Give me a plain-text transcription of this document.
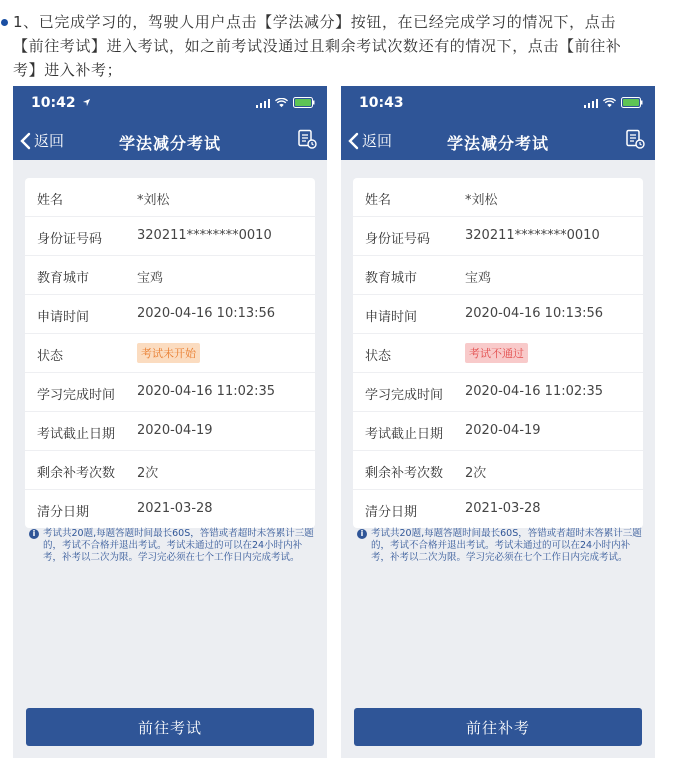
1、已完成学习的，驾驶人用户点击【学法减分】按钮，在已经完成学习的情况下，点击

【前往考试】进入考试，如之前考试没通过且剩余考试次数还有的情况下，点击【前往补

考】进入补考；

10:42
返回	学法减分考试
姓名	*刘松
身份证号码	320211********0010
教育城市	宝鸡
申请时间	2020-04-16 10:13:56
状态	考试未开始
学习完成时间 2020-04-16 11:02:35
考试截止日期 2020-04-19
剩余补考次数 2次
清分日期	2021-03-28
i 考试共20题,每题答题时间最长60S，答错或者超时未答累计三题的，考试不合格并退出考试。考试未通过的可以在24小时内补考，补考以二次为限。学习完必须在七个工作日内完成考试。
前往考试
10:43
返回	学法减分考试
姓名	*刘松
身份证号码	320211********0010
教育城市	宝鸡
申请时间	2020-04-16 10:13:56
状态	考试不通过
学习完成时间 2020-04-16 11:02:35
考试截止日期 2020-04-19
剩余补考次数 2次
清分日期	2021-03-28
i 考试共20题,每题答题时间最长60S，答错或者超时未答累计三题的，考试不合格并退出考试。考试未通过的可以在24小时内补考，补考以二次为限。学习完必须在七个工作日内完成考试。
前往补考
